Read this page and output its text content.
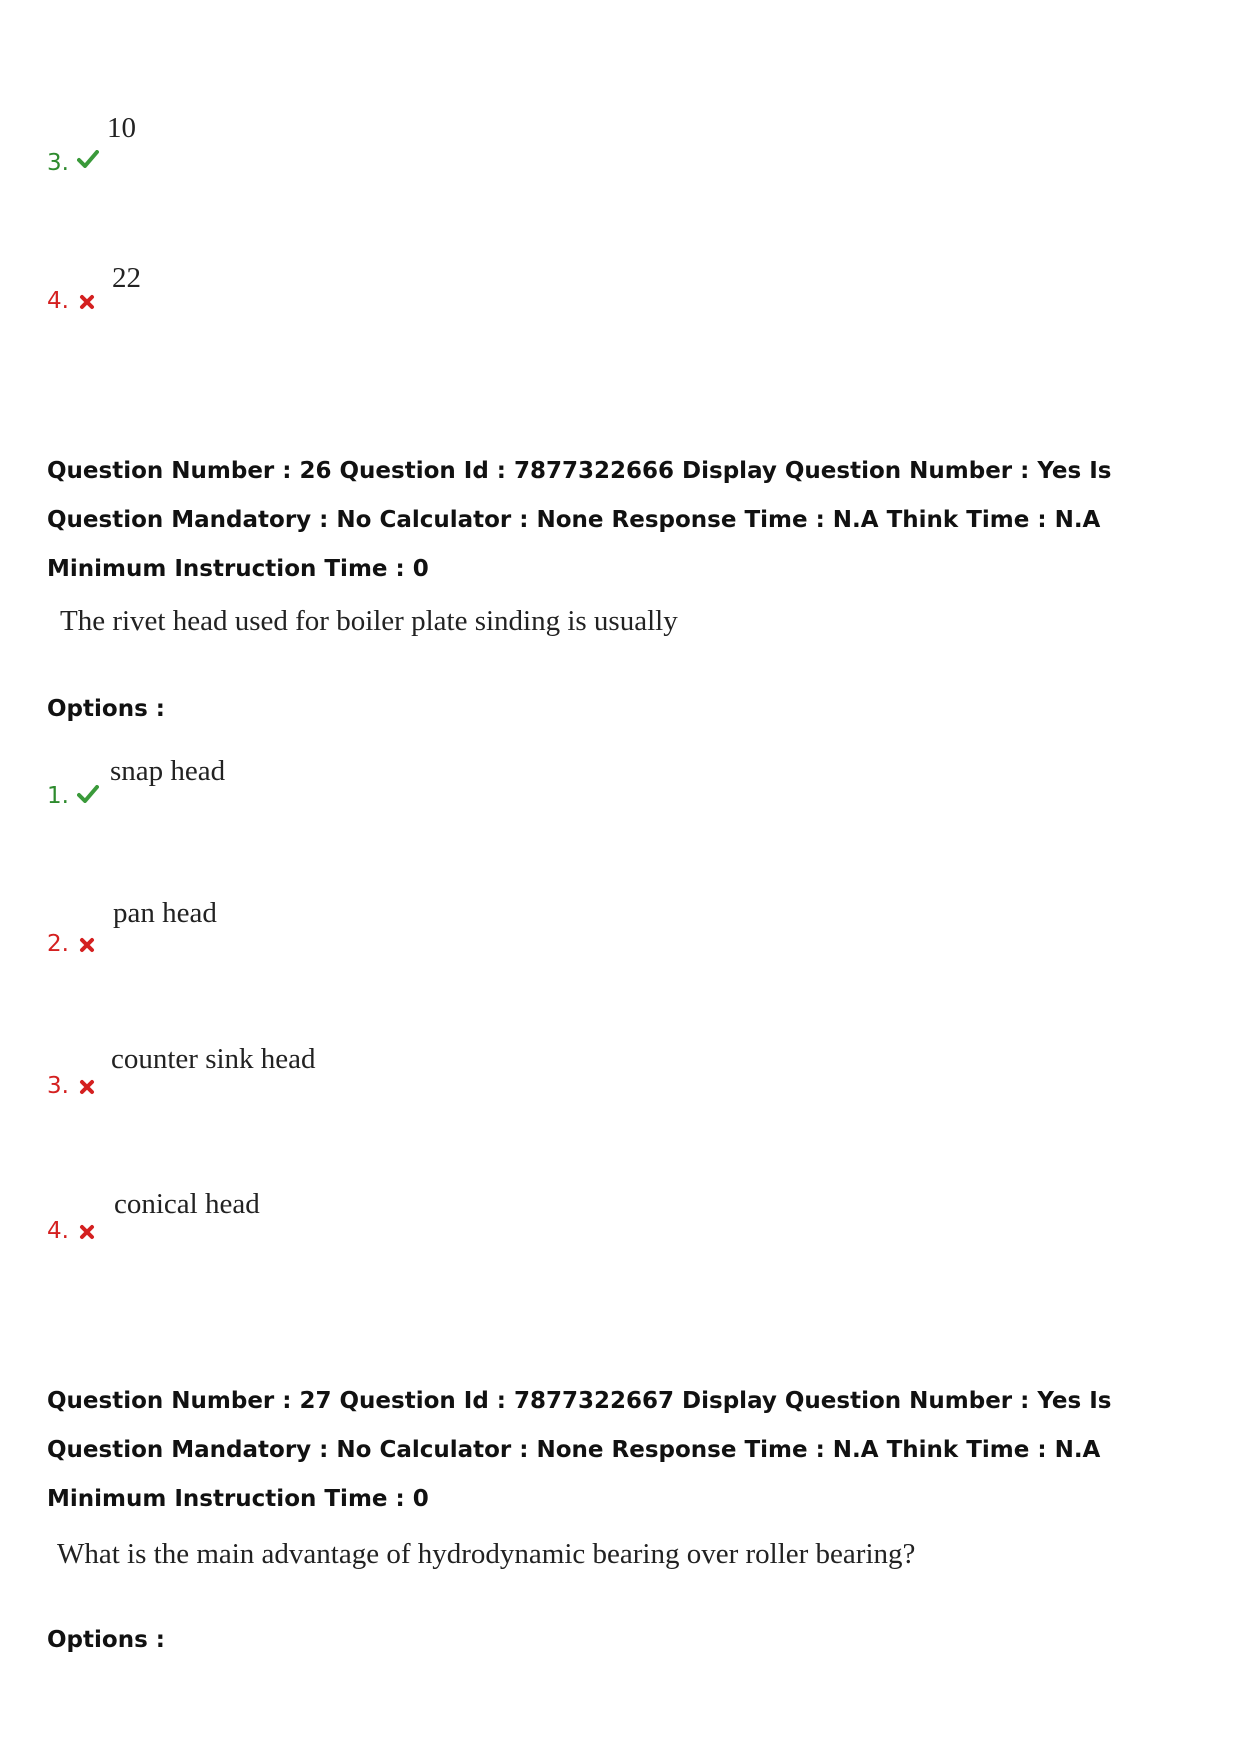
3.
10
4.
22
Question Number : 26 Question Id : 7877322666 Display Question Number : Yes Is Question Mandatory : No Calculator : None Response Time : N.A Think Time : N.A Minimum Instruction Time : 0
The rivet head used for boiler plate sinding is usually
Options :
1.
snap head
2.
pan head
3.
counter sink head
4.
conical head
Question Number : 27 Question Id : 7877322667 Display Question Number : Yes Is Question Mandatory : No Calculator : None Response Time : N.A Think Time : N.A Minimum Instruction Time : 0
What is the main advantage of hydrodynamic bearing over roller bearing?
Options :
